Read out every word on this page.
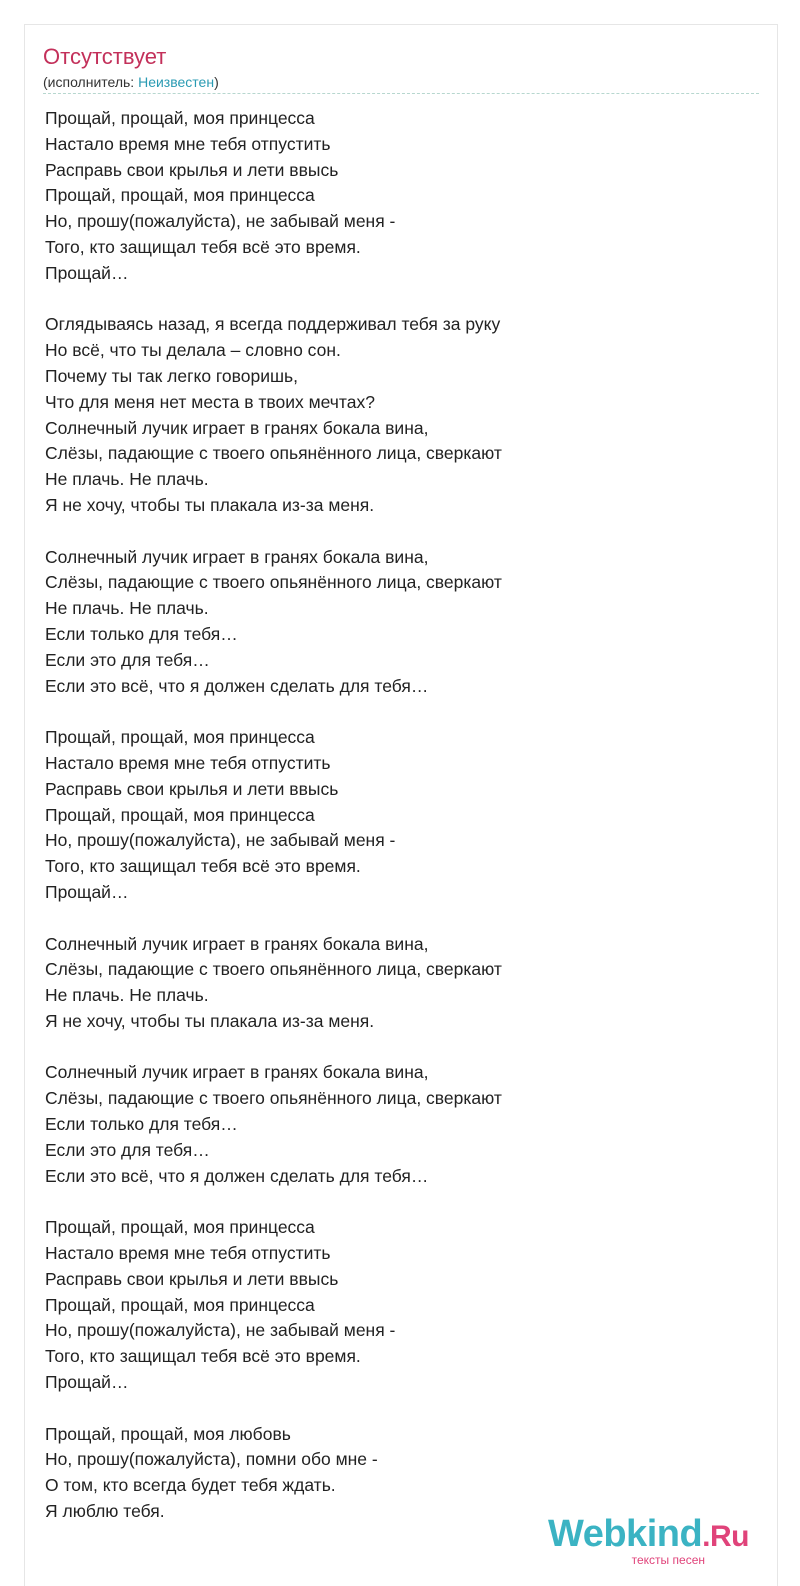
Отсутствует
(исполнитель: Неизвестен)
Прощай, прощай, моя принцесса
Настало время мне тебя отпустить
Расправь свои крылья и лети ввысь
Прощай, прощай, моя принцесса
Но, прошу(пожалуйста), не забывай меня -
Того, кто защищал тебя всё это время.
Прощай…
Оглядываясь назад, я всегда поддерживал тебя за руку
Но всё, что ты делала – словно сон.
Почему ты так легко говоришь,
Что для меня нет места в твоих мечтах?
Солнечный лучик играет в гранях бокала вина,
Слёзы, падающие с твоего опьянённого лица, сверкают
Не плачь. Не плачь.
Я не хочу, чтобы ты плакала из-за меня.
Солнечный лучик играет в гранях бокала вина,
Слёзы, падающие с твоего опьянённого лица, сверкают
Не плачь. Не плачь.
Если только для тебя…
Если это для тебя…
Если это всё, что я должен сделать для тебя…
Прощай, прощай, моя принцесса
Настало время мне тебя отпустить
Расправь свои крылья и лети ввысь
Прощай, прощай, моя принцесса
Но, прошу(пожалуйста), не забывай меня -
Того, кто защищал тебя всё это время.
Прощай…
Солнечный лучик играет в гранях бокала вина,
Слёзы, падающие с твоего опьянённого лица, сверкают
Не плачь. Не плачь.
Я не хочу, чтобы ты плакала из-за меня.
Солнечный лучик играет в гранях бокала вина,
Слёзы, падающие с твоего опьянённого лица, сверкают
Если только для тебя…
Если это для тебя…
Если это всё, что я должен сделать для тебя…
Прощай, прощай, моя принцесса
Настало время мне тебя отпустить
Расправь свои крылья и лети ввысь
Прощай, прощай, моя принцесса
Но, прошу(пожалуйста), не забывай меня -
Того, кто защищал тебя всё это время.
Прощай…
Прощай, прощай, моя любовь
Но, прошу(пожалуйста), помни обо мне -
О том, кто всегда будет тебя ждать.
Я люблю тебя.
Webkind.Ru
тексты песен
